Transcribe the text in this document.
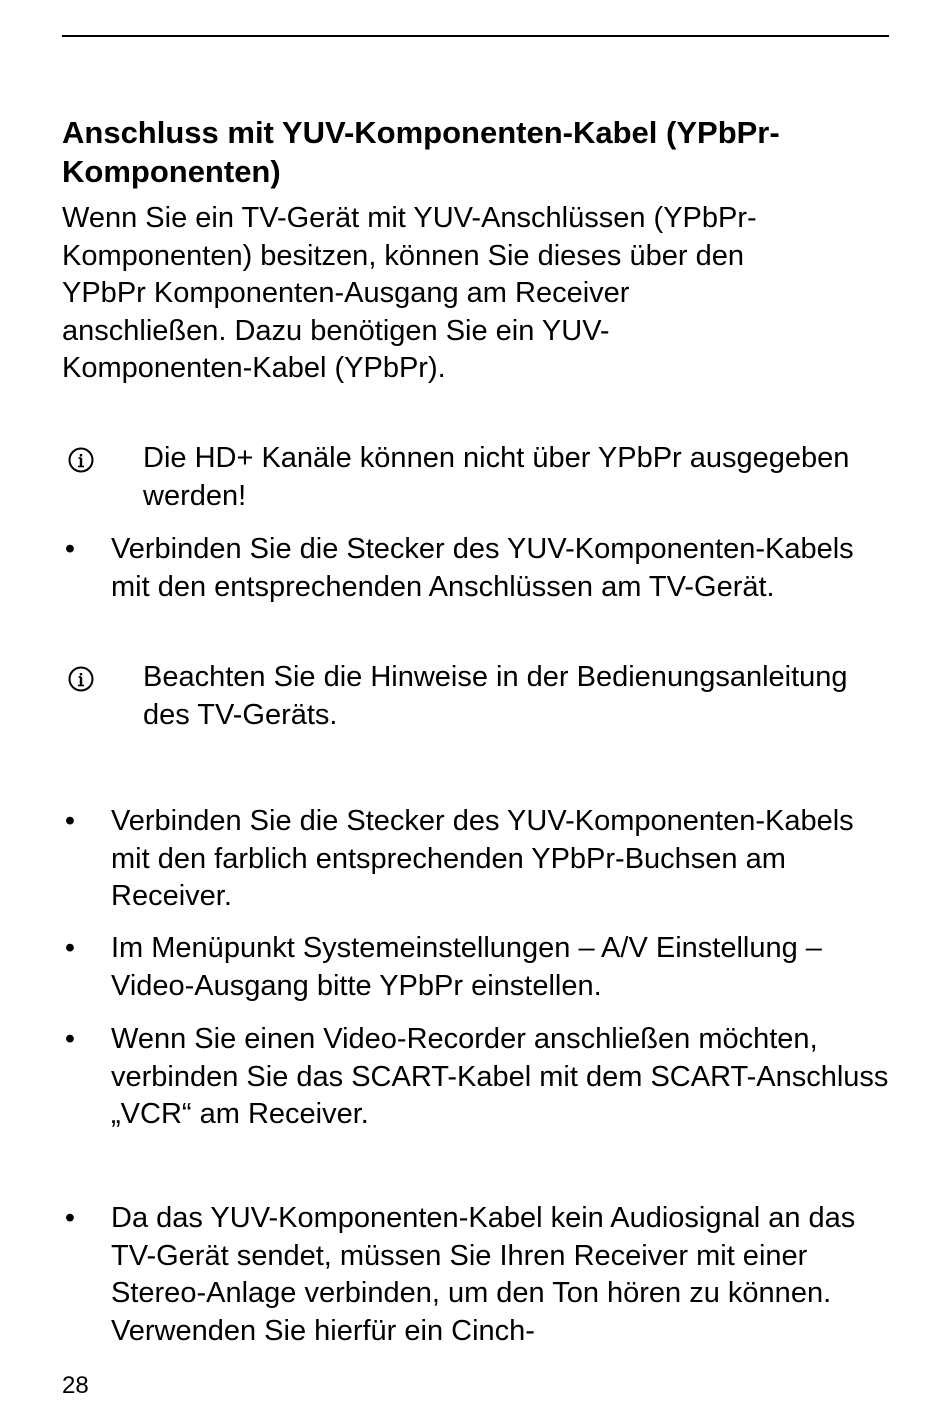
Anschluss mit YUV-Komponenten-Kabel (YPbPr-
Komponenten)

Wenn Sie ein TV-Gerät mit YUV-Anschlüssen (YPbPr-
Komponenten) besitzen, können Sie dieses über den
YPbPr Komponenten-Ausgang am Receiver
anschließen. Dazu benötigen Sie ein YUV-
Komponenten-Kabel (YPbPr).

Die HD+ Kanäle können nicht über YPbPr ausgegeben werden!
• Verbinden Sie die Stecker des YUV-Komponenten-Kabels mit den entsprechenden Anschlüssen am TV-Gerät.
Beachten Sie die Hinweise in der Bedienungsanleitung des TV-Geräts.
• Verbinden Sie die Stecker des YUV-Komponenten-Kabels mit den farblich entsprechenden YPbPr-Buchsen am Receiver.
• Im Menüpunkt Systemeinstellungen – A/V Einstellung – Video-Ausgang bitte YPbPr einstellen.
• Wenn Sie einen Video-Recorder anschließen möchten, verbinden Sie das SCART-Kabel mit dem SCART-Anschluss „VCR“ am Receiver.
• Da das YUV-Komponenten-Kabel kein Audiosignal an das TV-Gerät sendet, müssen Sie Ihren Receiver mit einer Stereo-Anlage verbinden, um den Ton hören zu können. Verwenden Sie hierfür ein Cinch-
28
